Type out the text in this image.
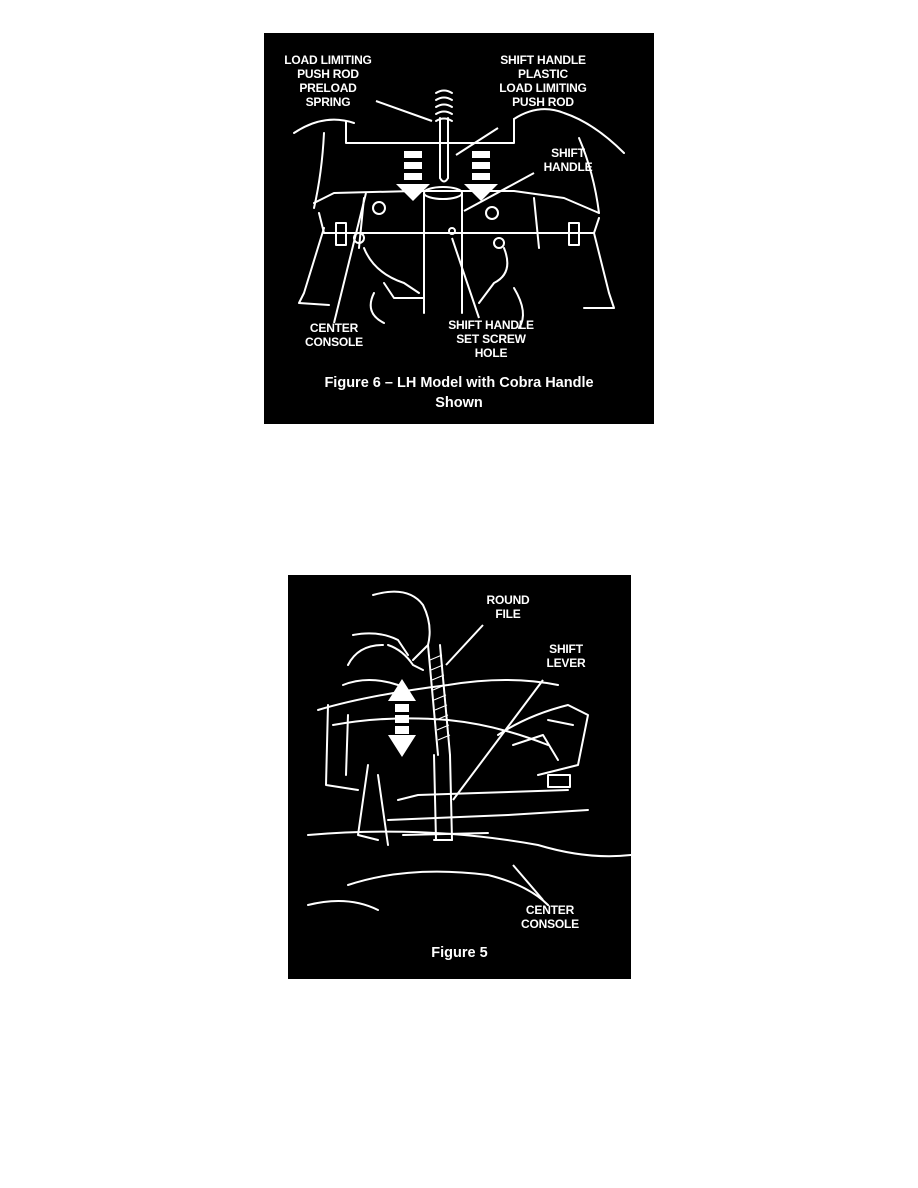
LOAD LIMITING
PUSH ROD
PRELOAD
SPRING
SHIFT HANDLE
PLASTIC
LOAD LIMITING
PUSH ROD
SHIFT
HANDLE
CENTER
CONSOLE
SHIFT HANDLE
SET SCREW
HOLE
Figure 6 – LH Model with Cobra Handle
Shown
ROUND
FILE
SHIFT
LEVER
CENTER
CONSOLE
Figure 5
